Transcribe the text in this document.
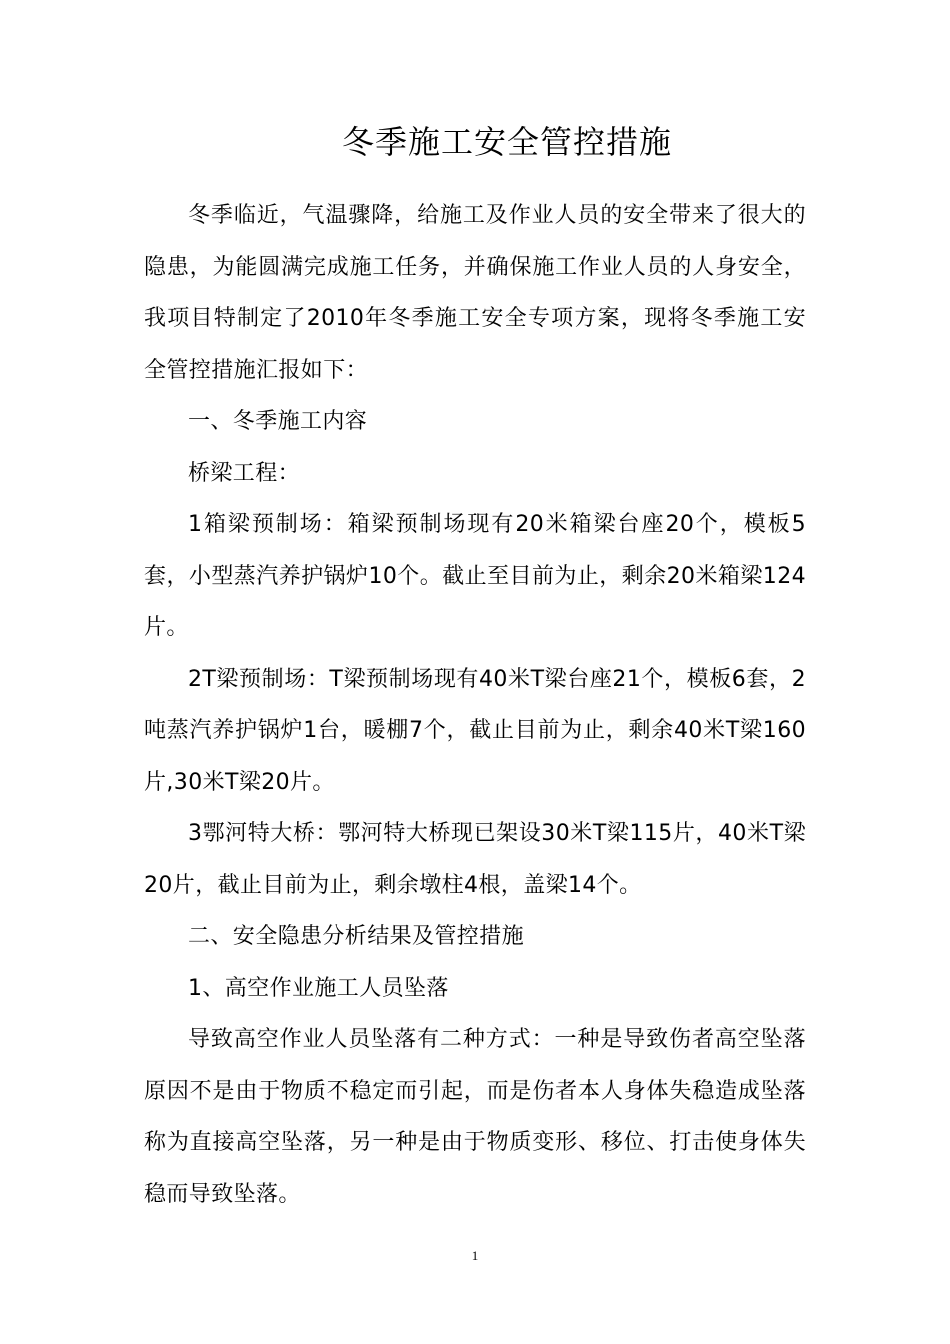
冬季施工安全管控措施

冬季临近，气温骤降，给施工及作业人员的安全带来了很大的隐患，为能圆满完成施工任务，并确保施工作业人员的人身安全，我项目特制定了2010年冬季施工安全专项方案，现将冬季施工安全管控措施汇报如下：

一、冬季施工内容

桥梁工程：

1箱梁预制场：箱梁预制场现有20米箱梁台座20个，模板5套，小型蒸汽养护锅炉10个。截止至目前为止，剩余20米箱梁124片。

2T梁预制场：T梁预制场现有40米T梁台座21个，模板6套，2吨蒸汽养护锅炉1台，暖棚7个，截止目前为止，剩余40米T梁160片,30米T梁20片。

3鄂河特大桥：鄂河特大桥现已架设30米T梁115片，40米T梁20片，截止目前为止，剩余墩柱4根，盖梁14个。

二、安全隐患分析结果及管控措施

1、高空作业施工人员坠落

导致高空作业人员坠落有二种方式：一种是导致伤者高空坠落原因不是由于物质不稳定而引起，而是伤者本人身体失稳造成坠落称为直接高空坠落，另一种是由于物质变形、移位、打击使身体失稳而导致坠落。

1
